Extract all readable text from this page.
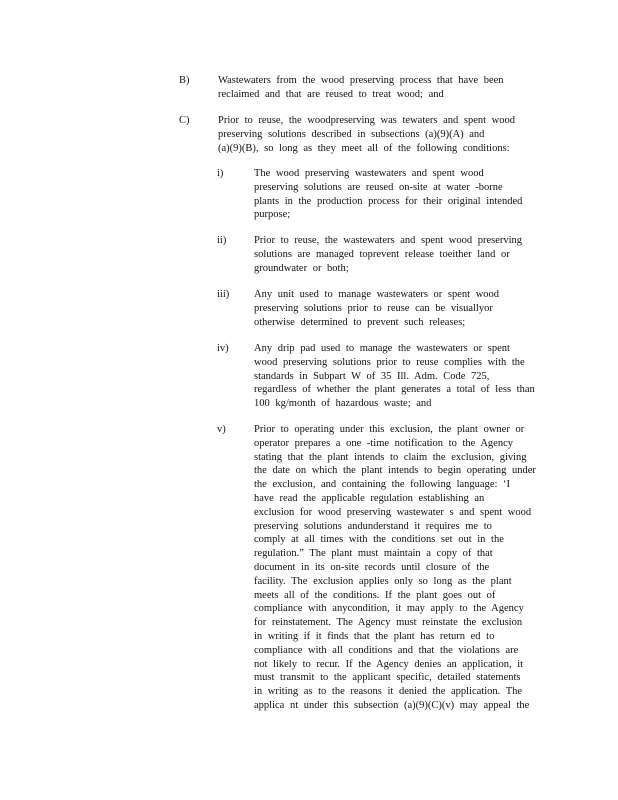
B)	Wastewaters from the wood preserving process that have been
reclaimed and that are reused to treat wood; and
C)	Prior to reuse, the woodpreserving was tewaters and spent wood
preserving solutions described in subsections (a)(9)(A) and
(a)(9)(B), so long as they meet all of the following conditions:
i)	The wood preserving wastewaters and spent wood
preserving solutions are reused on-site at water -borne
plants in the production process for their original intended
purpose;
ii)	Prior to reuse, the wastewaters and spent wood preserving
solutions are managed toprevent release toeither land or
groundwater or both;
iii) Any unit used to manage wastewaters or spent wood
preserving solutions prior to reuse can be visuallyor
otherwise determined to prevent such releases;
iv) Any drip pad used to manage the wastewaters or spent
wood preserving solutions prior to reuse complies with the
standards in Subpart W of 35 Ill. Adm. Code 725,
regardless of whether the plant generates a total of less than
100 kg/month of hazardous waste; and
v)	Prior to operating under this exclusion, the plant owner or
operator prepares a one -time notification to the Agency
stating that the plant intends to claim the exclusion, giving
the date on which the plant intends to begin operating under
the exclusion, and containing the following language: ‘I
have read the applicable regulation establishing an
exclusion for wood preserving wastewater s and spent wood
preserving solutions andunderstand it requires me to
comply at all times with the conditions set out in the
regulation.” The plant must maintain a copy of that
document in its on-site records until closure of the
facility. The exclusion applies only so long as the plant
meets all of the conditions. If the plant goes out of
compliance with anycondition, it may apply to the Agency
for reinstatement. The Agency must reinstate the exclusion
in writing if it finds that the plant has return ed to
compliance with all conditions and that the violations are
not likely to recur. If the Agency denies an application, it
must transmit to the applicant specific, detailed statements
in writing as to the reasons it denied the application. The
applica nt under this subsection (a)(9)(C)(v) may appeal the
